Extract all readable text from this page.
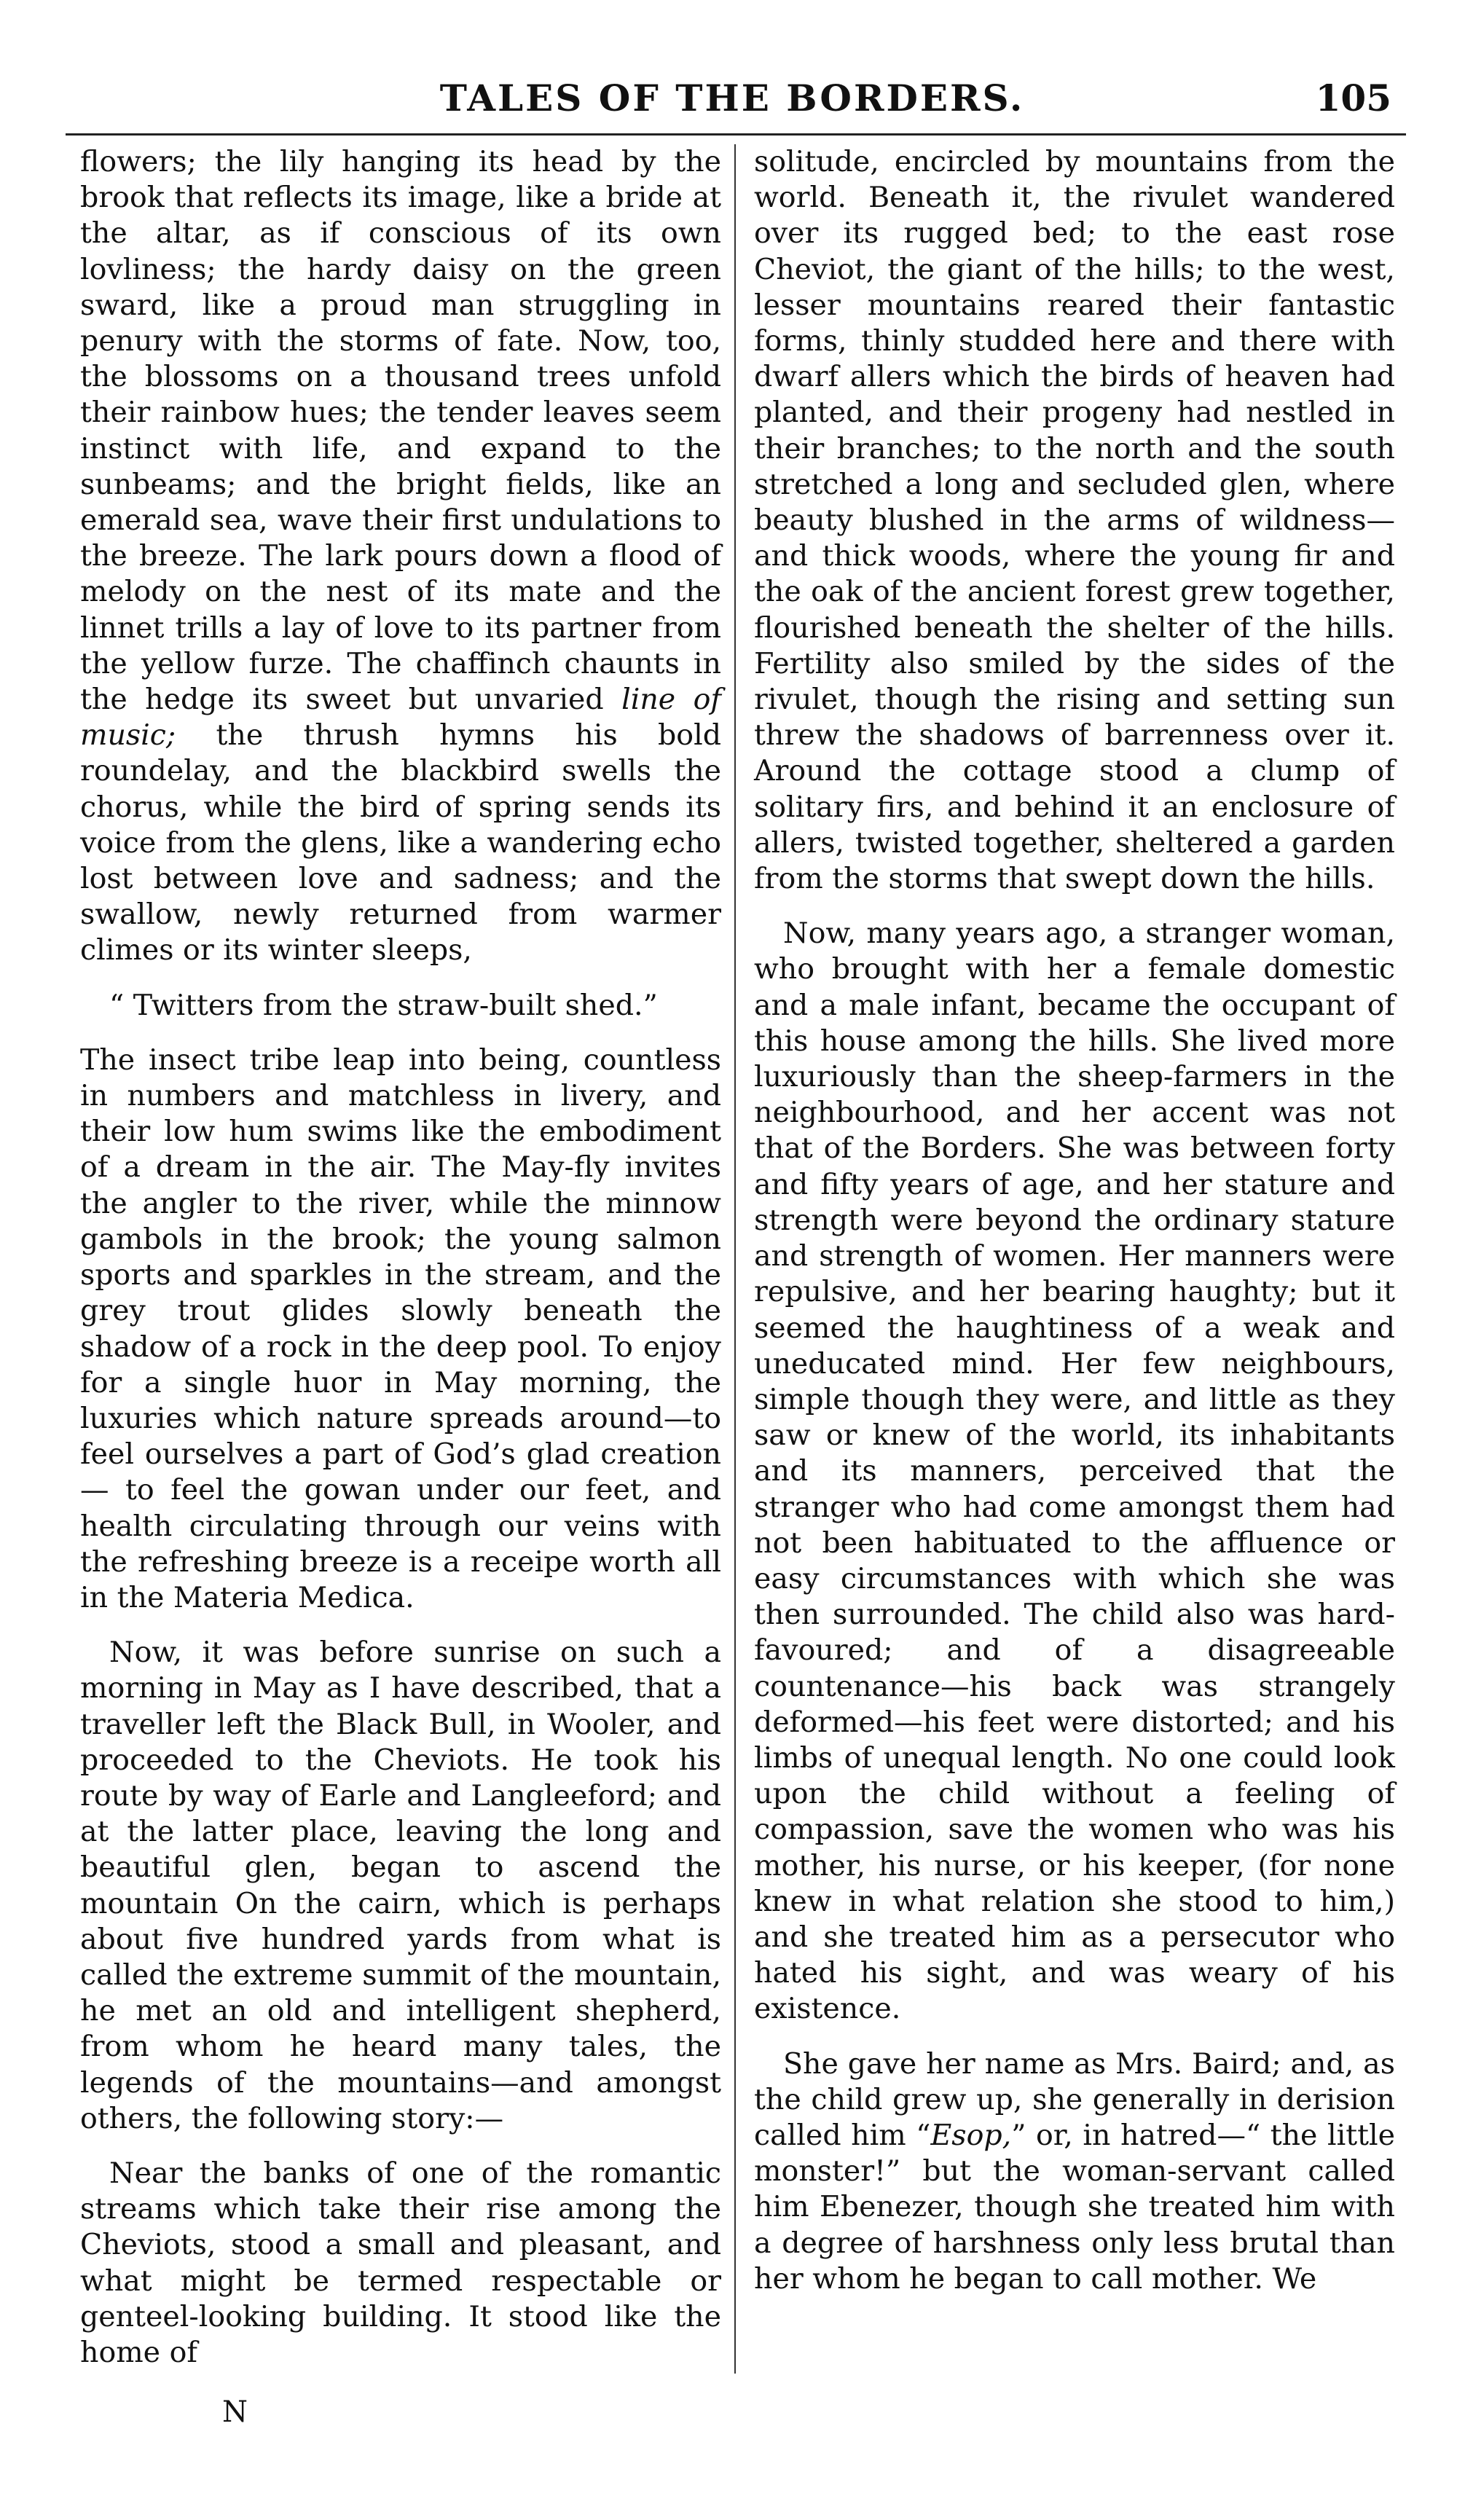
TALES OF THE BORDERS.	105

flowers; the lily hanging its head by the brook that reflects its image, like a bride at the altar, as if conscious of its own lovliness; the hardy daisy on the green sward, like a proud man struggling in penury with the storms of fate. Now, too, the blossoms on a thousand trees unfold their rainbow hues; the tender leaves seem instinct with life, and expand to the sunbeams; and the bright fields, like an emerald sea, wave their first undulations to the breeze. The lark pours down a flood of melody on the nest of its mate and the linnet trills a lay of love to its partner from the yellow furze. The chaffinch chaunts in the hedge its sweet but unvaried line of music; the thrush hymns his bold roundelay, and the blackbird swells the chorus, while the bird of spring sends its voice from the glens, like a wandering echo lost between love and sadness; and the swallow, newly returned from warmer climes or its winter sleeps,

“ Twitters from the straw-built shed.”

The insect tribe leap into being, countless in numbers and matchless in livery, and their low hum swims like the embodiment of a dream in the air. The May-fly invites the angler to the river, while the minnow gambols in the brook; the young salmon sports and sparkles in the stream, and the grey trout glides slowly beneath the shadow of a rock in the deep pool. To enjoy for a single huor in May morning, the luxuries which nature spreads around—to feel ourselves a part of God’s glad creation— to feel the gowan under our feet, and health circulating through our veins with the refreshing breeze is a receipe worth all in the Materia Medica.

Now, it was before sunrise on such a morning in May as I have described, that a traveller left the Black Bull, in Wooler, and proceeded to the Cheviots. He took his route by way of Earle and Langleeford; and at the latter place, leaving the long and beautiful glen, began to ascend the mountain On the cairn, which is perhaps about five hundred yards from what is called the extreme summit of the mountain, he met an old and intelligent shepherd, from whom he heard many tales, the legends of the mountains—and amongst others, the following story:—

Near the banks of one of the romantic streams which take their rise among the Cheviots, stood a small and pleasant, and what might be termed respectable or genteel-looking building. It stood like the home of

solitude, encircled by mountains from the world. Beneath it, the rivulet wandered over its rugged bed; to the east rose Cheviot, the giant of the hills; to the west, lesser mountains reared their fantastic forms, thinly studded here and there with dwarf allers which the birds of heaven had planted, and their progeny had nestled in their branches; to the north and the south stretched a long and secluded glen, where beauty blushed in the arms of wildness—and thick woods, where the young fir and the oak of the ancient forest grew together, flourished beneath the shelter of the hills. Fertility also smiled by the sides of the rivulet, though the rising and setting sun threw the shadows of barrenness over it. Around the cottage stood a clump of solitary firs, and behind it an enclosure of allers, twisted together, sheltered a garden from the storms that swept down the hills.

Now, many years ago, a stranger woman, who brought with her a female domestic and a male infant, became the occupant of this house among the hills. She lived more luxuriously than the sheep-farmers in the neighbourhood, and her accent was not that of the Borders. She was between forty and fifty years of age, and her stature and strength were beyond the ordinary stature and strength of women. Her manners were repulsive, and her bearing haughty; but it seemed the haughtiness of a weak and uneducated mind. Her few neighbours, simple though they were, and little as they saw or knew of the world, its inhabitants and its manners, perceived that the stranger who had come amongst them had not been habituated to the affluence or easy circumstances with which she was then surrounded. The child also was hard-favoured; and of a disagreeable countenance—his back was strangely deformed—his feet were distorted; and his limbs of unequal length. No one could look upon the child without a feeling of compassion, save the women who was his mother, his nurse, or his keeper, (for none knew in what relation she stood to him,) and she treated him as a persecutor who hated his sight, and was weary of his existence.

She gave her name as Mrs. Baird; and, as the child grew up, she generally in derision called him “Esop,” or, in hatred—“ the little monster!” but the woman-servant called him Ebenezer, though she treated him with a degree of harshness only less brutal than her whom he began to call mother. We

N
